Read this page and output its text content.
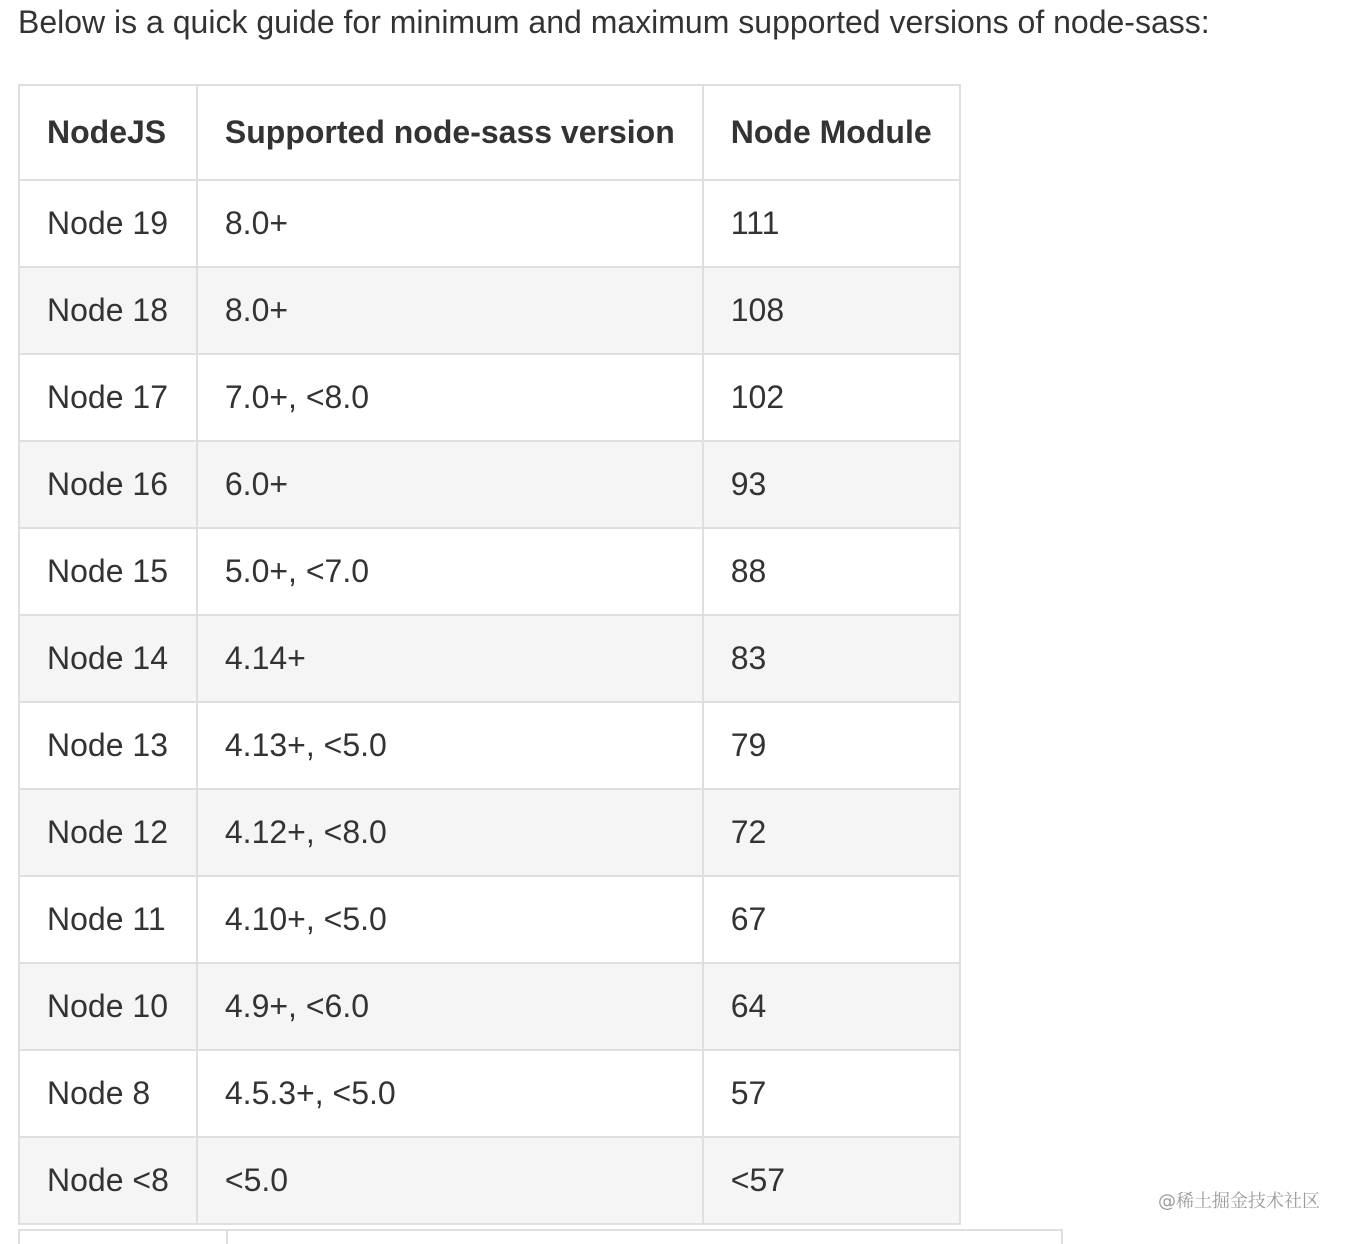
Below is a quick guide for minimum and maximum supported versions of node-sass:
NodeJS	Supported node-sass version	Node Module
Node 19	8.0+	111
Node 18	8.0+	108
Node 17	7.0+, <8.0	102
Node 16	6.0+	93
Node 15	5.0+, <7.0	88
Node 14	4.14+	83
Node 13	4.13+, <5.0	79
Node 12	4.12+, <8.0	72
Node 11	4.10+, <5.0	67
Node 10	4.9+, <6.0	64
Node 8	4.5.3+, <5.0	57
Node <8	<5.0	<57
@稀土掘金技术社区
